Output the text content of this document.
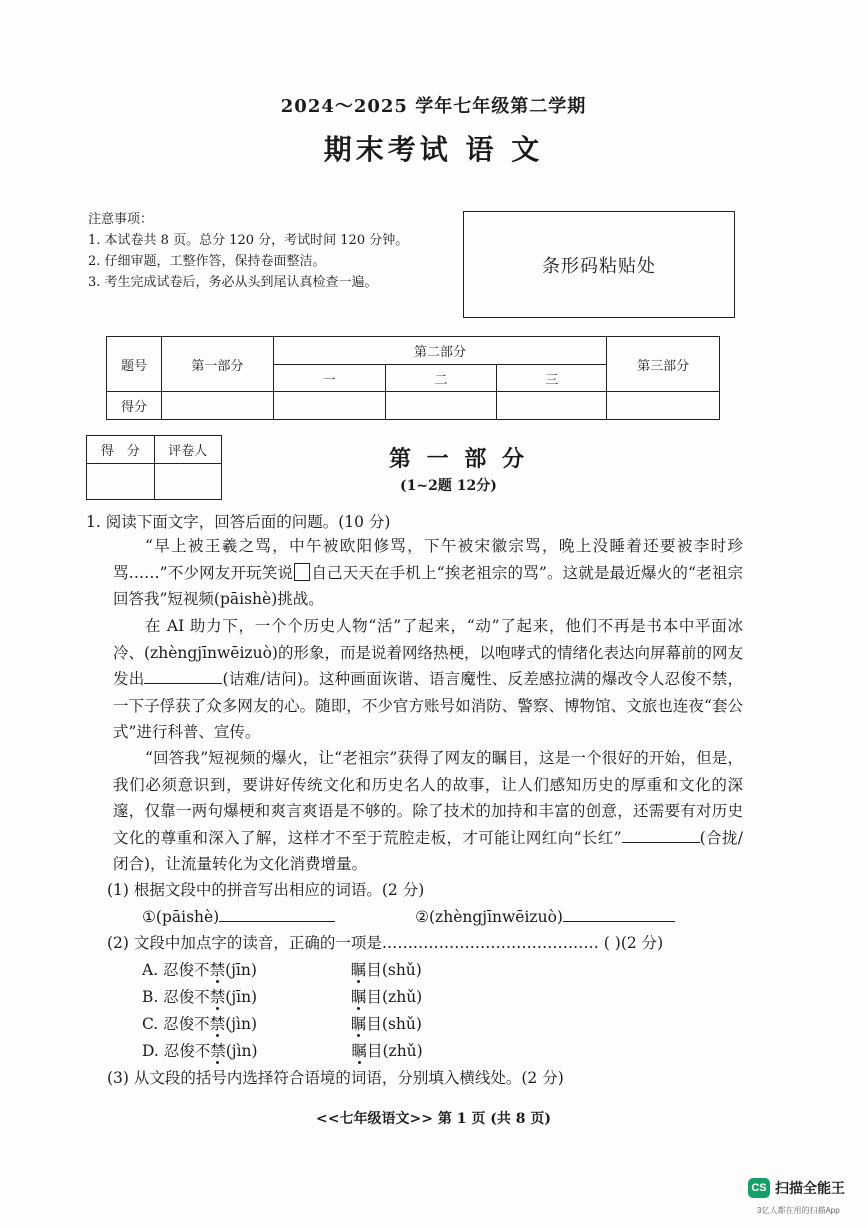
2024～2025 学年七年级第二学期
期末考试 语 文
注意事项：
1. 本试卷共 8 页。总分 120 分，考试时间 120 分钟。
2. 仔细审题，工整作答，保持卷面整洁。
3. 考生完成试卷后，务必从头到尾认真检查一遍。
条形码粘贴处
题号	第一部分	第二部分			第三部分
		一	二	三	
得分					
得　分	评卷人
		第 一 部 分
(1~2题 12分)
1. 阅读下面文字，回答后面的问题。(10 分)
“早上被王羲之骂，中午被欧阳修骂，下午被宋徽宗骂，晚上没睡着还要被李时珍骂……”不少网友开玩笑说 自己天天在手机上“挨老祖宗的骂”。这就是最近爆火的“老祖宗回答我”短视频(pāishè)挑战。
在 AI 助力下，一个个历史人物“活”了起来，“动”了起来，他们不再是书本中平面冰冷、(zhèngjīnwēizuò)的形象，而是说着网络热梗，以咆哮式的情绪化表达向屏幕前的网友发出	(诘难/诘问)。这种画面诙谐、语言魔性、反差感拉满的爆改令人忍俊不禁，一下子俘获了众多网友的心。随即，不少官方账号如消防、警察、博物馆、文旅也连夜“套公式”进行科普、宣传。
“回答我”短视频的爆火，让“老祖宗”获得了网友的瞩目，这是一个很好的开始，但是，我们必须意识到，要讲好传统文化和历史名人的故事，让人们感知历史的厚重和文化的深邃，仅靠一两句爆梗和爽言爽语是不够的。除了技术的加持和丰富的创意，还需要有对历史文化的尊重和深入了解，这样才不至于荒腔走板，才可能让网红向“长红”	(合拢/闭合)，让流量转化为文化消费增量。
(1) 根据文段中的拼音写出相应的词语。(2 分)
①(pāishè)	②(zhèngjīnwēizuò)
(2) 文段中加点字的读音，正确的一项是…………………………………… ( )(2 分)
A. 忍俊不禁(jīn)	瞩目(shǔ)
B. 忍俊不禁(jīn)	瞩目(zhǔ)
C. 忍俊不禁(jìn)	瞩目(shǔ)
D. 忍俊不禁(jìn)	瞩目(zhǔ)
(3) 从文段的括号内选择符合语境的词语，分别填入横线处。(2 分)
<<七年级语文>> 第 1 页 (共 8 页)
CS 扫描全能王
3亿人都在用的扫描App
